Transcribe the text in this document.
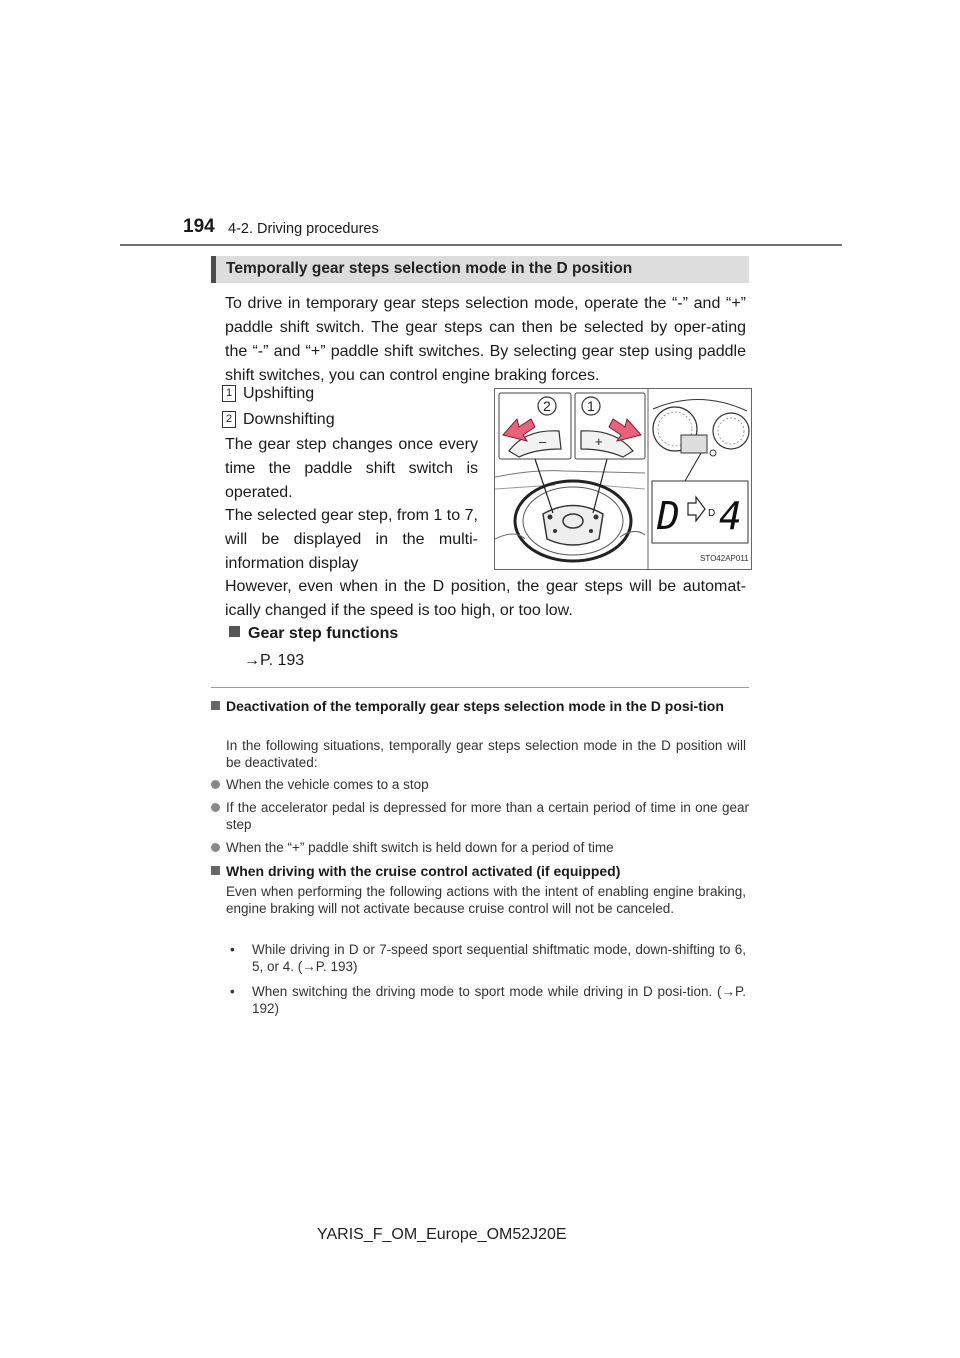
194 4-2. Driving procedures
Temporally gear steps selection mode in the D position
To drive in temporary gear steps selection mode, operate the “-” and “+” paddle shift switch. The gear steps can then be selected by oper-ating the “-” and “+” paddle shift switches. By selecting gear step using paddle shift switches, you can control engine braking forces.
1 Upshifting
2 Downshifting
The gear step changes once every time the paddle shift switch is operated.
The selected gear step, from 1 to 7, will be displayed in the multi-information display
–
2
+
1
D	D 4
STO42AP011
However, even when in the D position, the gear steps will be automat-ically changed if the speed is too high, or too low.
Gear step functions
→P. 193
Deactivation of the temporally gear steps selection mode in the D posi-tion
In the following situations, temporally gear steps selection mode in the D position will be deactivated:
When the vehicle comes to a stop
If the accelerator pedal is depressed for more than a certain period of time in one gear step
When the “+” paddle shift switch is held down for a period of time
When driving with the cruise control activated (if equipped)
Even when performing the following actions with the intent of enabling engine braking, engine braking will not activate because cruise control will not be canceled.
• While driving in D or 7-speed sport sequential shiftmatic mode, down-shifting to 6, 5, or 4. (→P. 193)
• When switching the driving mode to sport mode while driving in D posi-tion. (→P. 192)
YARIS_F_OM_Europe_OM52J20E
